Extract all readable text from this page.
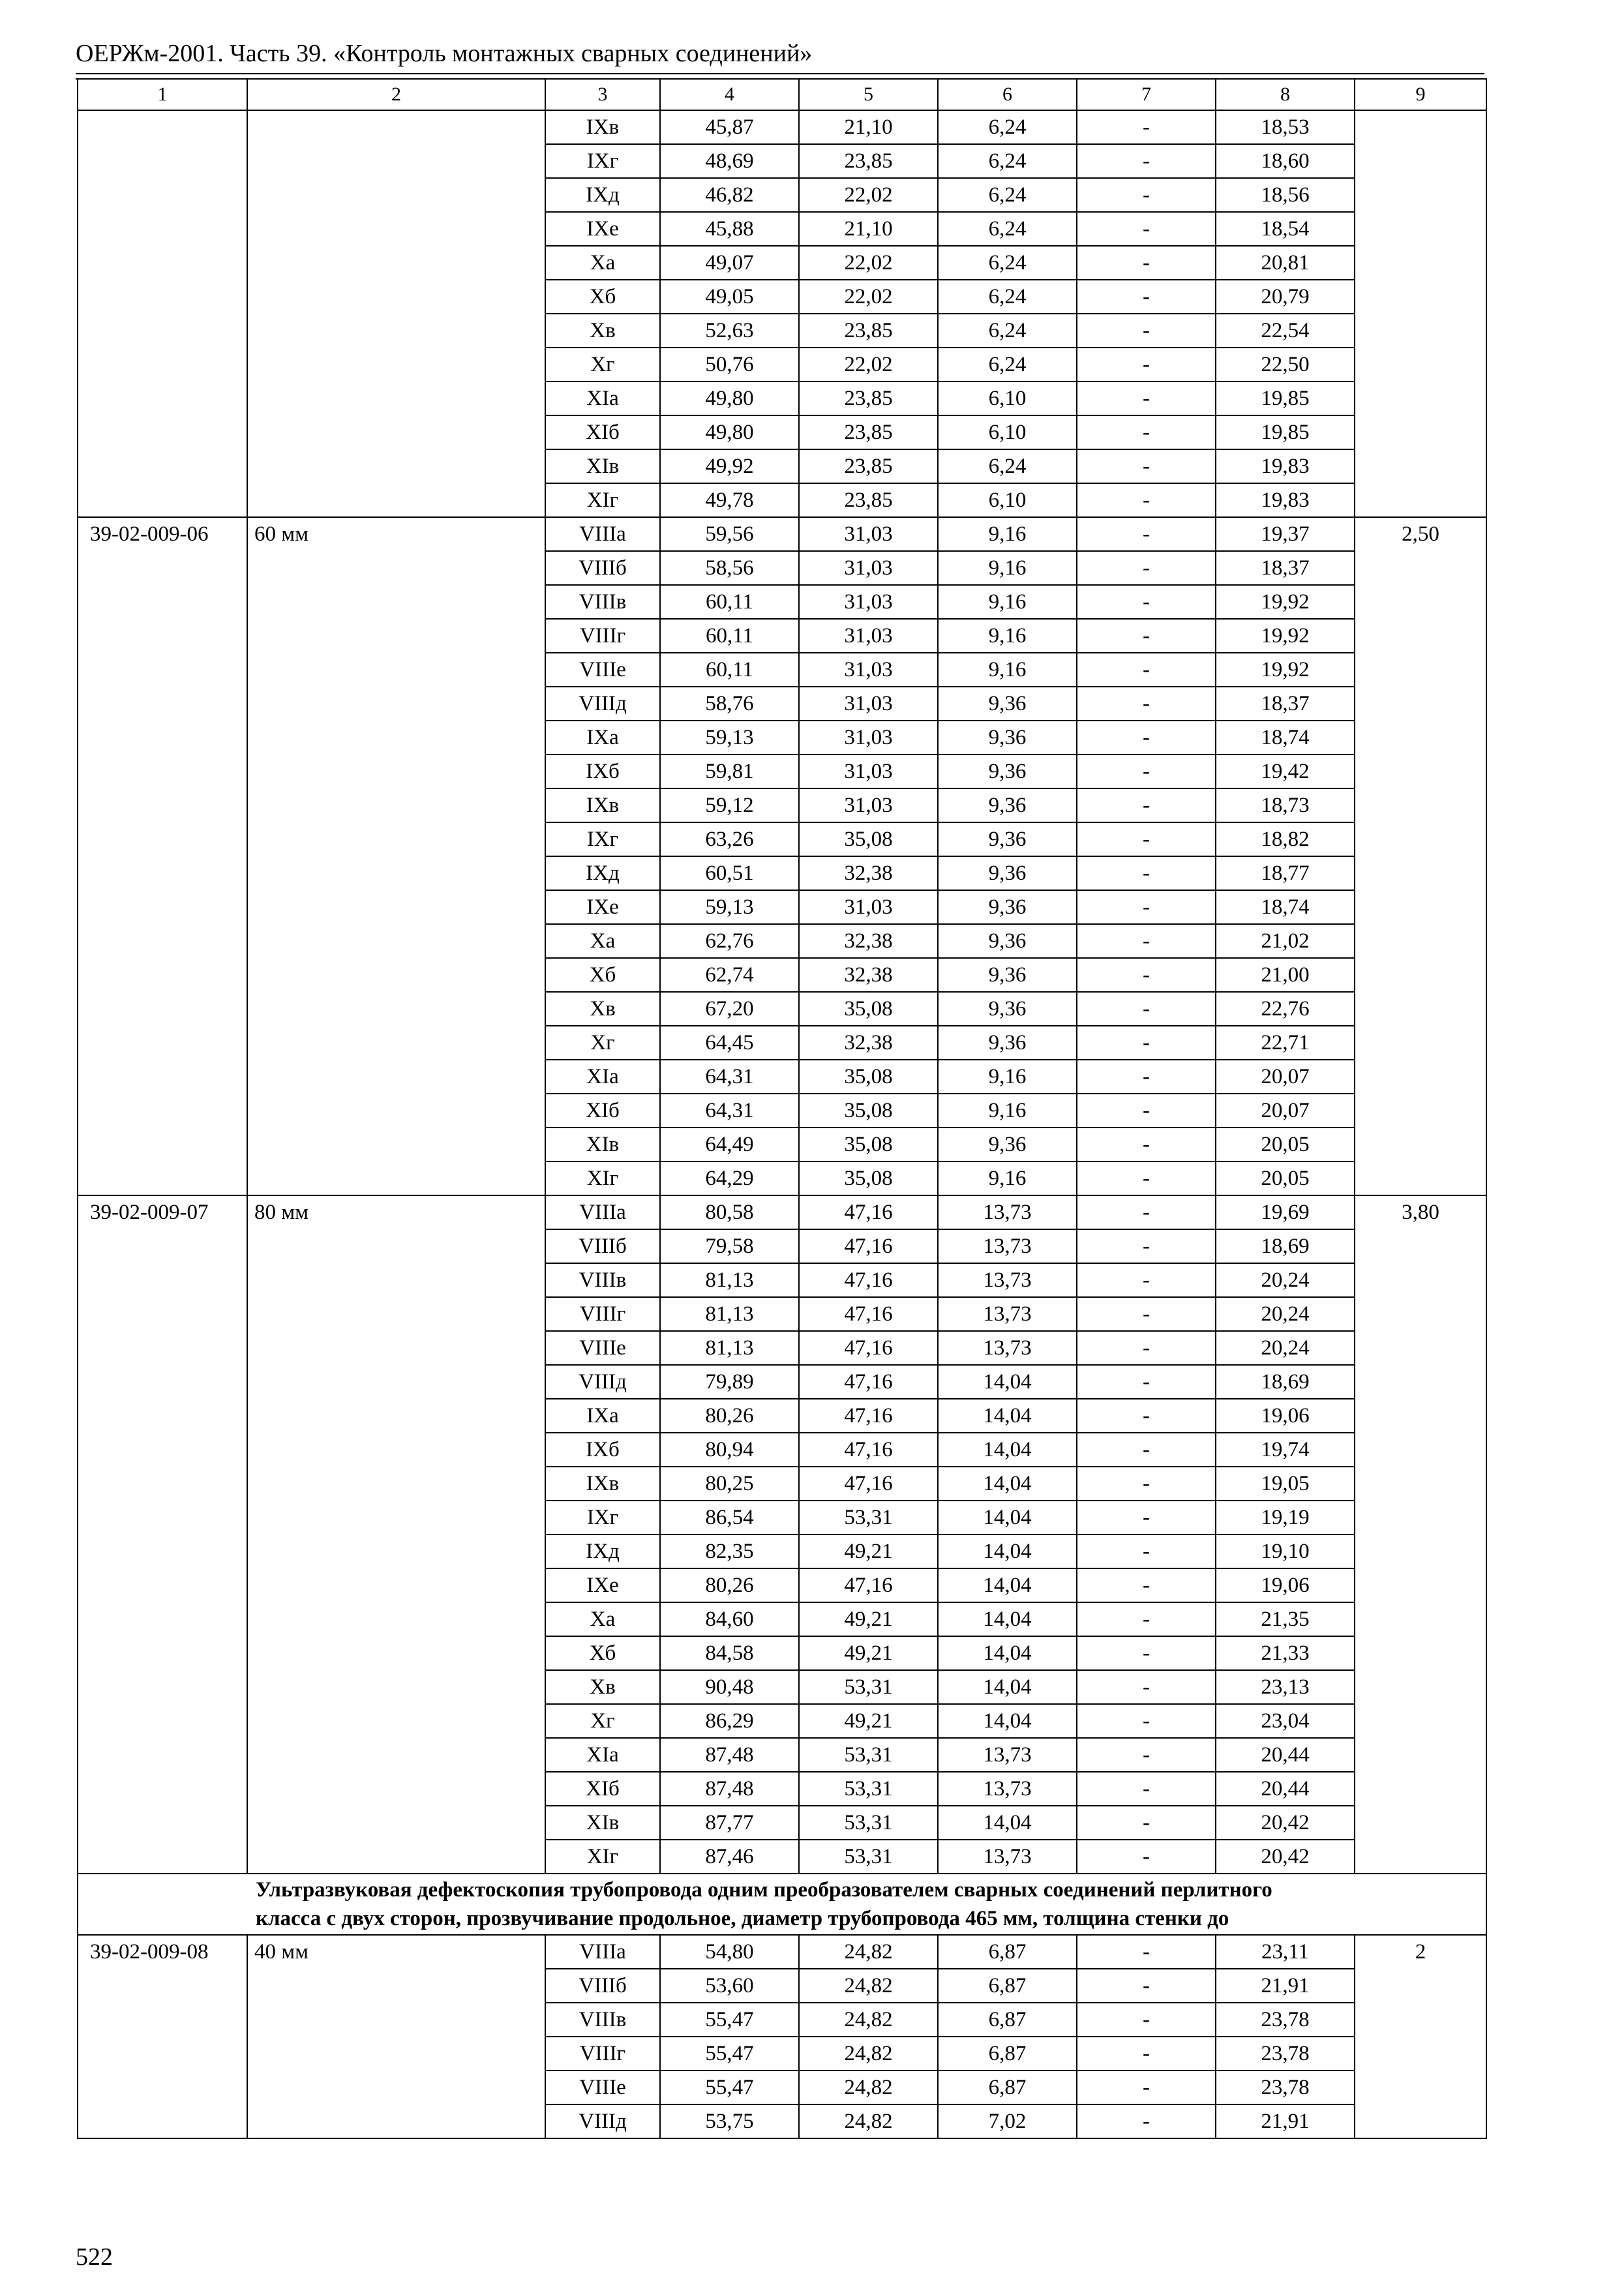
ОЕРЖм-2001. Часть 39. «Контроль монтажных сварных соединений»
1	2	3	4	5	6	7	8	9
		IXв	45,87	21,10	6,24	-	18,53	
		IXг	48,69	23,85	6,24	-	18,60	
		IXд	46,82	22,02	6,24	-	18,56	
		IXе	45,88	21,10	6,24	-	18,54	
		Xа	49,07	22,02	6,24	-	20,81	
		Xб	49,05	22,02	6,24	-	20,79	
		Xв	52,63	23,85	6,24	-	22,54	
		Xг	50,76	22,02	6,24	-	22,50	
		XIа	49,80	23,85	6,10	-	19,85	
		XIб	49,80	23,85	6,10	-	19,85	
		XIв	49,92	23,85	6,24	-	19,83	
		XIг	49,78	23,85	6,10	-	19,83	
39-02-009-06	60 мм	VIIIа	59,56	31,03	9,16	-	19,37	2,50
		VIIIб	58,56	31,03	9,16	-	18,37	
		VIIIв	60,11	31,03	9,16	-	19,92	
		VIIIг	60,11	31,03	9,16	-	19,92	
		VIIIе	60,11	31,03	9,16	-	19,92	
		VIIIд	58,76	31,03	9,36	-	18,37	
		IXа	59,13	31,03	9,36	-	18,74	
		IXб	59,81	31,03	9,36	-	19,42	
		IXв	59,12	31,03	9,36	-	18,73	
		IXг	63,26	35,08	9,36	-	18,82	
		IXд	60,51	32,38	9,36	-	18,77	
		IXе	59,13	31,03	9,36	-	18,74	
		Xа	62,76	32,38	9,36	-	21,02	
		Xб	62,74	32,38	9,36	-	21,00	
		Xв	67,20	35,08	9,36	-	22,76	
		Xг	64,45	32,38	9,36	-	22,71	
		XIа	64,31	35,08	9,16	-	20,07	
		XIб	64,31	35,08	9,16	-	20,07	
		XIв	64,49	35,08	9,36	-	20,05	
		XIг	64,29	35,08	9,16	-	20,05	
39-02-009-07	80 мм	VIIIа	80,58	47,16	13,73	-	19,69	3,80
		VIIIб	79,58	47,16	13,73	-	18,69	
		VIIIв	81,13	47,16	13,73	-	20,24	
		VIIIг	81,13	47,16	13,73	-	20,24	
		VIIIе	81,13	47,16	13,73	-	20,24	
		VIIIд	79,89	47,16	14,04	-	18,69	
		IXа	80,26	47,16	14,04	-	19,06	
		IXб	80,94	47,16	14,04	-	19,74	
		IXв	80,25	47,16	14,04	-	19,05	
		IXг	86,54	53,31	14,04	-	19,19	
		IXд	82,35	49,21	14,04	-	19,10	
		IXе	80,26	47,16	14,04	-	19,06	
		Xа	84,60	49,21	14,04	-	21,35	
		Xб	84,58	49,21	14,04	-	21,33	
		Xв	90,48	53,31	14,04	-	23,13	
		Xг	86,29	49,21	14,04	-	23,04	
		XIа	87,48	53,31	13,73	-	20,44	
		XIб	87,48	53,31	13,73	-	20,44	
		XIв	87,77	53,31	14,04	-	20,42	
		XIг	87,46	53,31	13,73	-	20,42	

Ультразвуковая дефектоскопия трубопровода одним преобразователем сварных соединений перлитного
класса с двух сторон, прозвучивание продольное, диаметр трубопровода 465 мм, толщина стенки до								

39-02-009-08	40 мм	VIIIа	54,80	24,82	6,87	-	23,11	2
		VIIIб	53,60	24,82	6,87	-	21,91	
		VIIIв	55,47	24,82	6,87	-	23,78	
		VIIIг	55,47	24,82	6,87	-	23,78	
		VIIIе	55,47	24,82	6,87	-	23,78	
		VIIIд	53,75	24,82	7,02	-	21,91	
522
